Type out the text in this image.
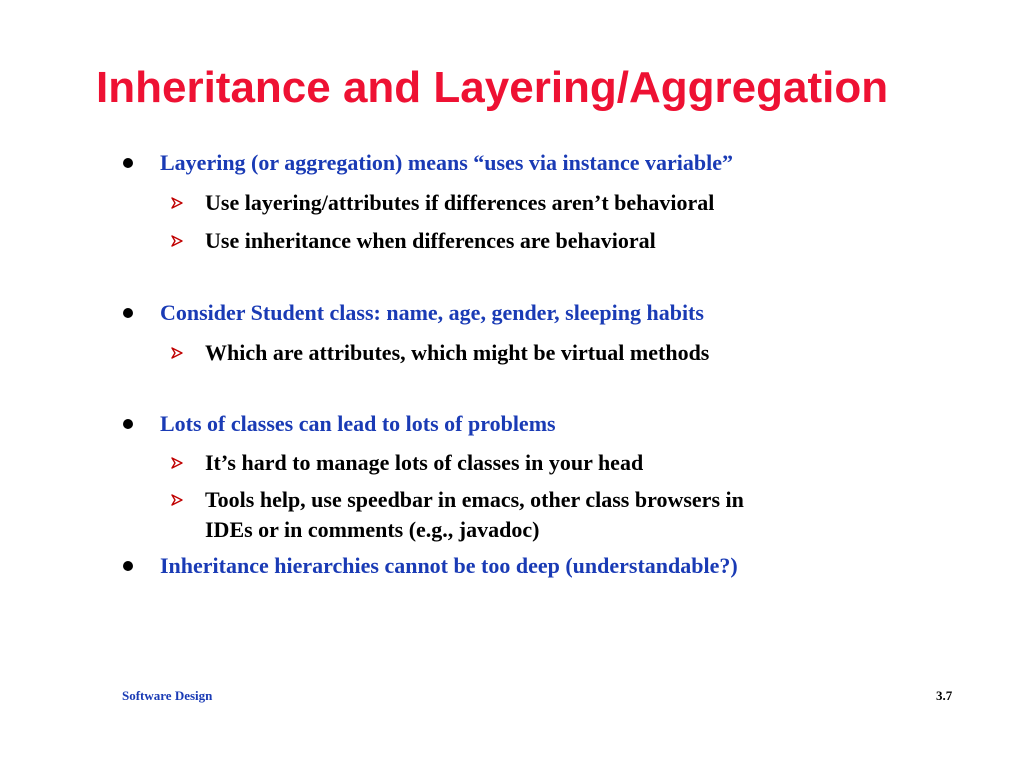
Inheritance and Layering/Aggregation
Layering (or aggregation) means “uses via instance variable”
Use layering/attributes if differences aren’t behavioral
Use inheritance when differences are behavioral
Consider Student class: name, age, gender, sleeping habits
Which are attributes, which might be virtual methods
Lots of classes can lead to lots of problems
It’s hard to manage lots of classes in your head
Tools help, use speedbar in emacs, other class browsers in
IDEs or in comments (e.g., javadoc)
Inheritance hierarchies cannot be too deep (understandable?)
Software Design	3.7
